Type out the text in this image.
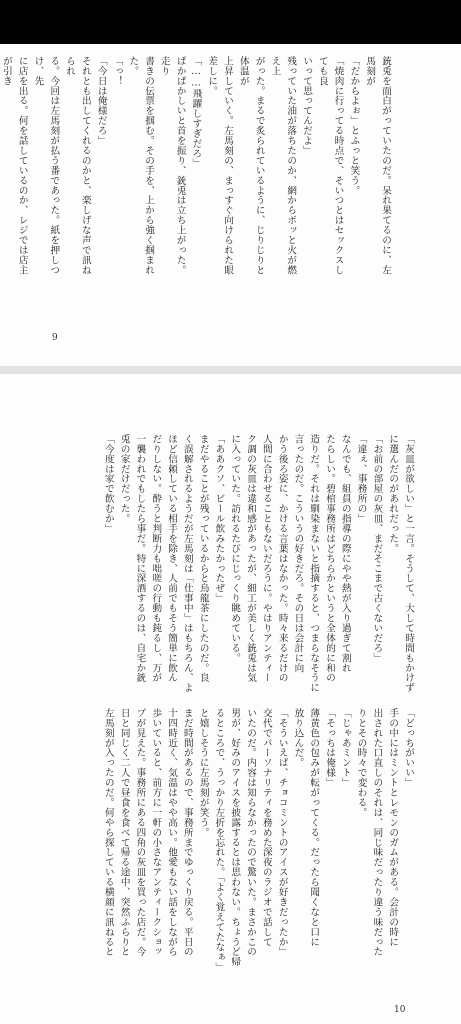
銃兎を面白がっていたのだ。呆れ果てるのに、左馬刻が
「だからよぉ」とふっと笑う。
「焼肉に行ってる時点で、そいつとはセックスしても良
いって思ってんだよ」
残っていた油が落ちたのか、網からボッと火が燃え上
がった。まるで炙られているように、じりじりと体温が
上昇していく。左馬刻の、まっすぐ向けられた眼差しに。
「……飛躍しすぎだろ」
ぱかぱかしいと首を振り、銃兎は立ち上がった。走り
書きの伝票を掴む。その手を、上から強く掴まれた。
「っ！
「今日は俺様だろ」
それとも出してくれるのかと、楽しげな声で訊ねられ
る。今回は左馬刻が払う番であった。紙を押しつけ、先
に店を出る。何を話しているのか、レジでは店主が引き
9
「灰皿が欲しい」と一言。そうして、大して時間もかけず
に選んだのがあれだった。
「お前の部屋の灰皿、まだそこまで古くないだろ」
「違ぇ、事務所の」
なんでも、組員の指導の際にやや熱が入り過ぎて割れ
たらしい。碧棺事務所はどちらかというと全体的に和の
造りだ。それは馴染まないと指摘すると、つまらなそうに
言ったのだ。こういうの好きだろ。その日は会計に向
かう後ろ姿に、かける言葉はなかった。時々来るだけの
人間に合わせることもないだろうに。やはりアンティー
ク調の灰皿は違和感があったが、細工が美しく銃兎は気
に入っていた。訪れるたびにじっくり眺めている。
「ああクソ、ビール飲みたかったぜ」
まだやることが残っているからと烏龍茶にしたのだ。良
く誤解されるようだが左馬刻は「仕事中」はもちろん、よ
ほど信頼している相手を除き、人前でもそう簡単に飲ん
だりしない。酔うと判断力も咄嗟の行動も鈍るし、万が
一襲われでもしたら事だ。特に深酒するのは、自宅か銃
兎の家だけだった。
「今度は家で飲むか」
「どっちがいい」
手の中にはミントとレモンのガムがある。会計の時に
出された口直しのそれは、同じ味だったり違う味だった
りとその時々で変わる。
「じゃあミント」
「そっちは俺様」
薄黄色の包みが転がってくる。だったら聞くなと口に
放り込んだ。
「そういえば、チョコミントのアイスが好きだったか」
交代でパーソナリティを務めた深夜のラジオで話して
いたのだ。内容は知らなかったので驚いた。まさかこの
男が、好みのアイスを披露するとは思わない。ちょうど帰
るところで、うっかり左折を忘れた。「よく覚えてたなぁ」
と嬉しそうに左馬刻が笑う。
まだ時間があるので、事務所までゆっくり戻る。平日の
十四時近く、気温はやや高い。他愛もない話をしながら
歩いていると、前方に一軒の小さなアンティークショッ
プが見えた。事務所にある四角の灰皿を買った店だ。今
日と同じく二人で昼食を食べて帰る途中、突然ふらりと
左馬刻が入ったのだ。何やら探している横顔に訊ねると
10
